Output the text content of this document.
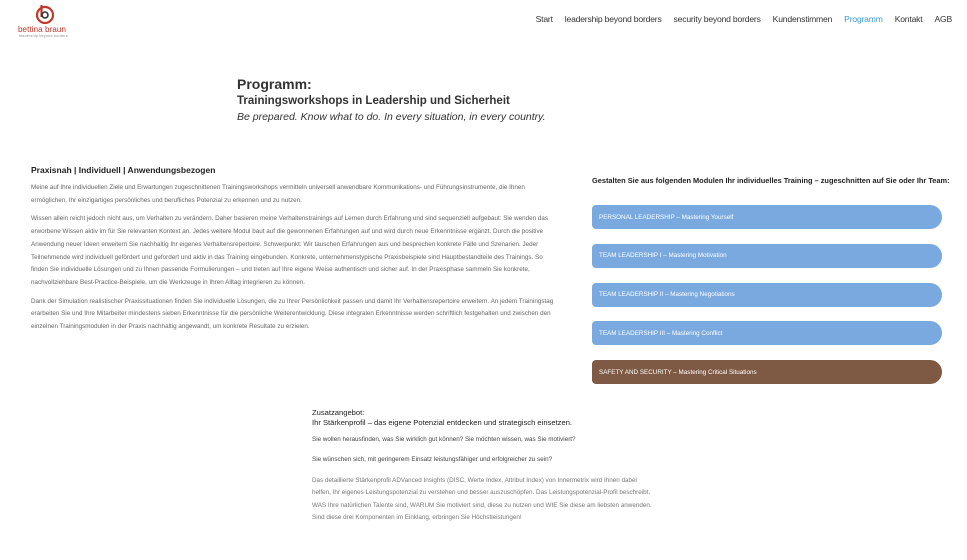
bettina braun
leadership beyond borders
Start leadership beyond borders security beyond borders Kundenstimmen Programm Kontakt AGB
Programm:
Trainingsworkshops in Leadership und Sicherheit
Be prepared. Know what to do. In every situation, in every country.
Praxisnah | Individuell | Anwendungsbezogen

Meine auf Ihre individuellen Ziele und Erwartungen zugeschnittenen Trainingsworkshops vermitteln universell anwendbare Kommunikations- und Führungsinstrumente, die Ihnen ermöglichen, Ihr einzigartiges persönliches und berufliches Potenzial zu erkennen und zu nutzen.

Wissen allein reicht jedoch nicht aus, um Verhalten zu verändern. Daher basieren meine Verhaltenstrainings auf Lernen durch Erfahrung und sind sequenziell aufgebaut: Sie wenden das erworbene Wissen aktiv im für Sie relevanten Kontext an. Jedes weitere Modul baut auf die gewonnenen Erfahrungen auf und wird durch neue Erkenntnisse ergänzt. Durch die positive Anwendung neuer Ideen erweitern Sie nachhaltig Ihr eigenes Verhaltensrepertoire. Schwerpunkt: Wir tauschen Erfahrungen aus und besprechen konkrete Fälle und Szenarien. Jeder Teilnehmende wird individuell gefördert und gefordert und aktiv in das Training eingebunden. Konkrete, unternehmenstypische Praxisbeispiele sind Hauptbestandteile des Trainings. So finden Sie individuelle Lösungen und zu Ihnen passende Formulierungen – und treten auf Ihre eigene Weise authentisch und sicher auf. In der Praxisphase sammeln Sie konkrete, nachvollziehbare Best-Practice-Beispiele, um die Werkzeuge in Ihren Alltag integrieren zu können.

Dank der Simulation realistischer Praxissituationen finden Sie individuelle Lösungen, die zu Ihrer Persönlichkeit passen und damit Ihr Verhaltensrepertoire erweitern. An jedem Trainingstag erarbeiten Sie und Ihre Mitarbeiter mindestens sieben Erkenntnisse für die persönliche Weiterentwicklung. Diese integralen Erkenntnisse werden schriftlich festgehalten und zwischen den einzelnen Trainingsmodulen in der Praxis nachhaltig angewandt, um konkrete Resultate zu erzielen.

Gestalten Sie aus folgenden Modulen Ihr individuelles Training – zugeschnitten auf Sie oder Ihr Team:
PERSONAL LEADERSHIP – Mastering Yourself
TEAM LEADERSHIP I – Mastering Motivation
TEAM LEADERSHIP II – Mastering Negotiations
TEAM LEADERSHIP III – Mastering Conflict
SAFETY AND SECURITY – Mastering Critical Situations
Zusatzangebot:
Ihr Stärkenprofil – das eigene Potenzial entdecken und strategisch einsetzen.

Sie wollen herausfinden, was Sie wirklich gut können? Sie möchten wissen, was Sie motiviert?

Sie wünschen sich, mit geringerem Einsatz leistungsfähiger und erfolgreicher zu sein?

Das detaillierte Stärkenprofil ADVanced Insights (DISC, Werte Index, Attribut Index) von Innermetrix wird Ihnen dabei helfen, Ihr eigenes Leistungspotenzial zu verstehen und besser auszuschöpfen. Das Leistungspotenzial-Profil beschreibt, WAS Ihre natürlichen Talente sind, WARUM Sie motiviert sind, diese zu nutzen und WIE Sie diese am liebsten anwenden. Sind diese drei Komponenten im Einklang, erbringen Sie Höchstleistungen!
